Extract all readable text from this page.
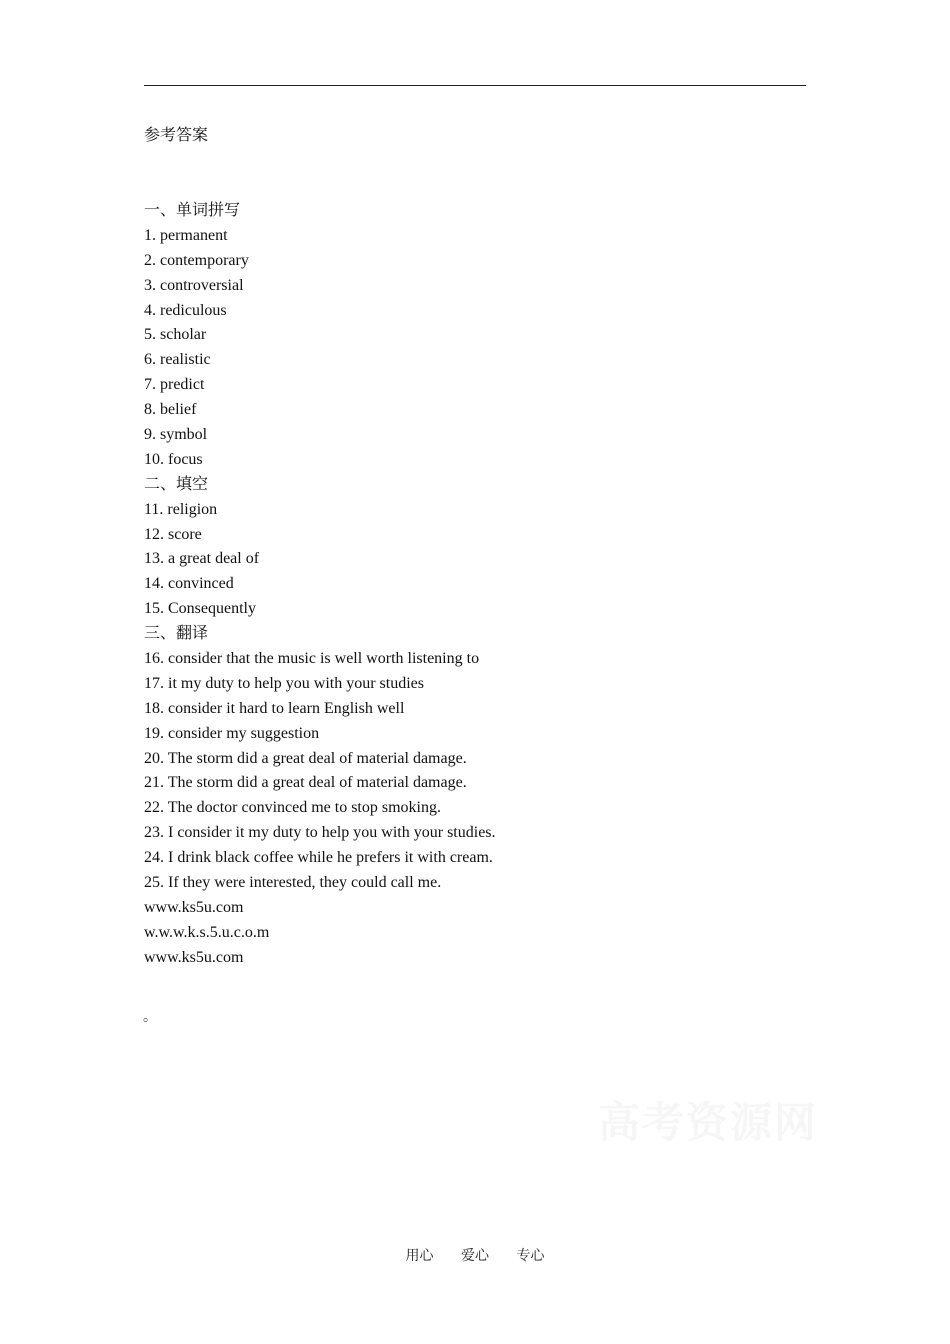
参考答案
一、单词拼写
1. permanent
2. contemporary
3. controversial
4. rediculous
5. scholar
6. realistic
7. predict
8. belief
9. symbol
10. focus
二、填空
11. religion
12. score
13. a great deal of
14. convinced
15. Consequently
三、翻译
16. consider that the music is well worth listening to
17. it my duty to help you with your studies
18. consider it hard to learn English well
19. consider my suggestion
20. The storm did a great deal of material damage.
21. The storm did a great deal of material damage.
22. The doctor convinced me to stop smoking.
23. I consider it my duty to help you with your studies.
24. I drink black coffee while he prefers it with cream.
25. If they were interested, they could call me.
www.ks5u.com
w.w.w.k.s.5.u.c.o.m
www.ks5u.com
。
高考资源网
用心 爱心 专心
